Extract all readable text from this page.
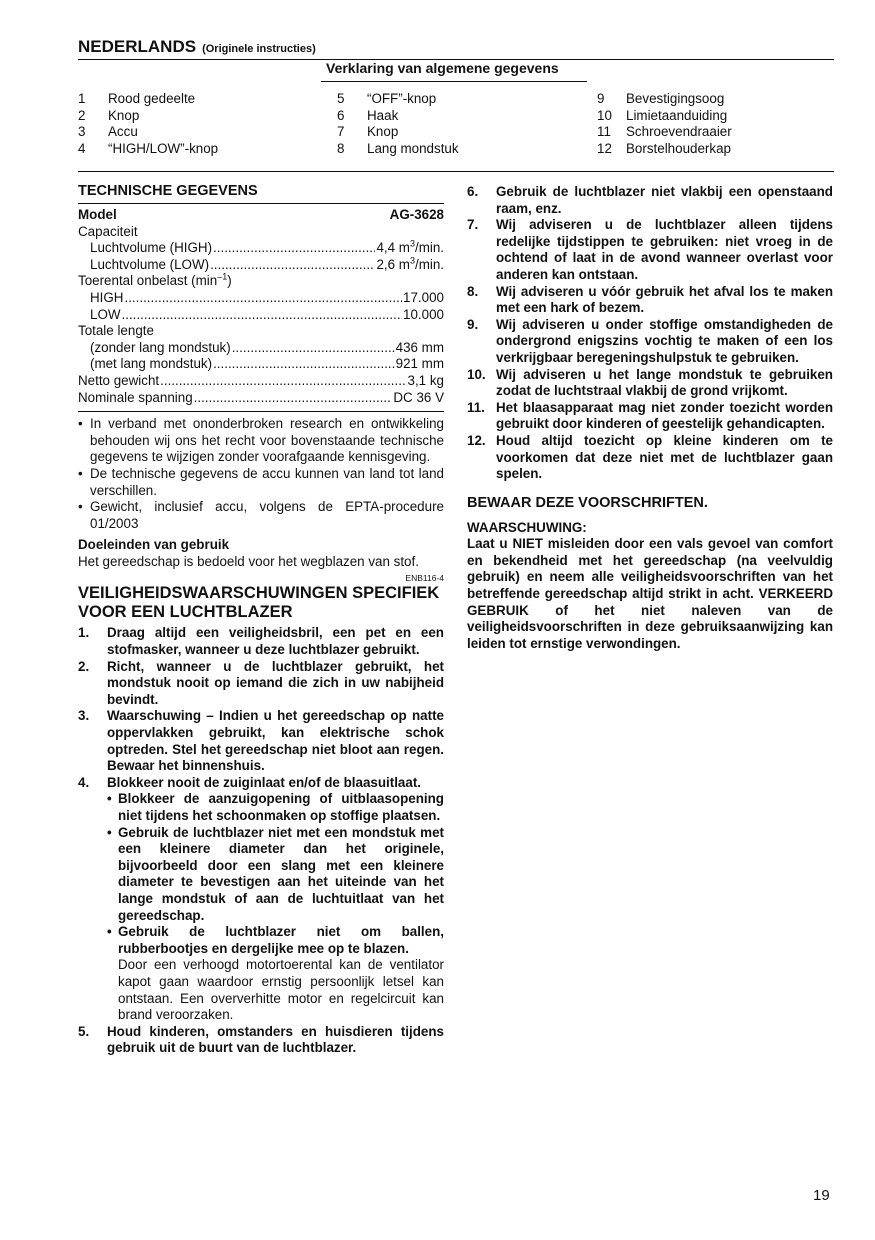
NEDERLANDS (Originele instructies)
Verklaring van algemene gegevens
1	Rood gedeelte
2	Knop
3	Accu
4	“HIGH/LOW”-knop
5	“OFF”-knop
6	Haak
7	Knop
8	Lang mondstuk
9	Bevestigingsoog
10	Limietaanduiding
11	Schroevendraaier
12	Borstelhouderkap
TECHNISCHE GEGEVENS
Model	AG-3628
Capaciteit
Luchtvolume (HIGH) .....	4,4 $m^3/\min$.
Luchtvolume (LOW) .....	2,6 $m^3/\min$.
Toerental onbelast $(\min^{-1})$
HIGH .....	17.000
LOW .....	10.000
Totale lengte
(zonder lang mondstuk) .....	436 mm
(met lang mondstuk) .....	921 mm
Netto gewicht .....	3,1 kg
Nominale spanning .....	DC 36 V
• In verband met ononderbroken research en ontwikkeling behouden wij ons het recht voor bovenstaande technische gegevens te wijzigen zonder voorafgaande kennisgeving.
• De technische gegevens de accu kunnen van land tot land verschillen.
• Gewicht, inclusief accu, volgens de EPTA-procedure 01/2003
Doeleinden van gebruik
Het gereedschap is bedoeld voor het wegblazen van stof.
ENB116-4
VEILIGHEIDSWAARSCHUWINGEN SPECIFIEK VOOR EEN LUCHTBLAZER
1.	Draag altijd een veiligheidsbril, een pet en een stofmasker, wanneer u deze luchtblazer gebruikt.
2.	Richt, wanneer u de luchtblazer gebruikt, het mondstuk nooit op iemand die zich in uw nabijheid bevindt.
3.	Waarschuwing – Indien u het gereedschap op natte oppervlakken gebruikt, kan elektrische schok optreden. Stel het gereedschap niet bloot aan regen. Bewaar het binnenshuis.
4.	Blokkeer nooit de zuiginlaat en/of de blaasuitlaat.
• Blokkeer de aanzuigopening of uitblaasopening niet tijdens het schoonmaken op stoffige plaatsen.
• Gebruik de luchtblazer niet met een mondstuk met een kleinere diameter dan het originele, bijvoorbeeld door een slang met een kleinere diameter te bevestigen aan het uiteinde van het lange mondstuk of aan de luchtuitlaat van het gereedschap.
• Gebruik de luchtblazer niet om ballen, rubberbootjes en dergelijke mee op te blazen.
Door een verhoogd motortoerental kan de ventilator kapot gaan waardoor ernstig persoonlijk letsel kan ontstaan. Een oververhitte motor en regelcircuit kan brand veroorzaken.
5.	Houd kinderen, omstanders en huisdieren tijdens gebruik uit de buurt van de luchtblazer.
6.	Gebruik de luchtblazer niet vlakbij een openstaand raam, enz.
7.	Wij adviseren u de luchtblazer alleen tijdens redelijke tijdstippen te gebruiken: niet vroeg in de ochtend of laat in de avond wanneer overlast voor anderen kan ontstaan.
8.	Wij adviseren u vóór gebruik het afval los te maken met een hark of bezem.
9.	Wij adviseren u onder stoffige omstandigheden de ondergrond enigszins vochtig te maken of een los verkrijgbaar beregeningshulpstuk te gebruiken.
10. Wij adviseren u het lange mondstuk te gebruiken zodat de luchtstraal vlakbij de grond vrijkomt.
11. Het blaasapparaat mag niet zonder toezicht worden gebruikt door kinderen of geestelijk gehandicapten.
12. Houd altijd toezicht op kleine kinderen om te voorkomen dat deze niet met de luchtblazer gaan spelen.
BEWAAR DEZE VOORSCHRIFTEN.
WAARSCHUWING:
Laat u NIET misleiden door een vals gevoel van comfort en bekendheid met het gereedschap (na veelvuldig gebruik) en neem alle veiligheidsvoorschriften van het betreffende gereedschap altijd strikt in acht. VERKEERD GEBRUIK of het niet naleven van de veiligheidsvoorschriften in deze gebruiksaanwijzing kan leiden tot ernstige verwondingen.
19
